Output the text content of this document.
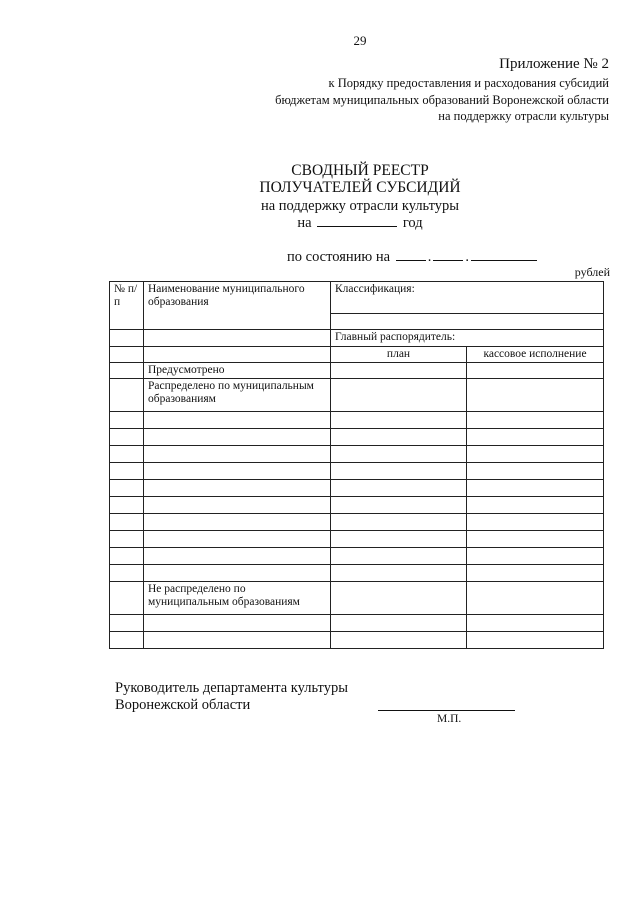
29
Приложение № 2
к Порядку предоставления и расходования субсидий
бюджетам муниципальных образований Воронежской области
на поддержку отрасли культуры
СВОДНЫЙ РЕЕСТР
ПОЛУЧАТЕЛЕЙ СУБСИДИЙ
на поддержку отрасли культуры
на	год
по состоянию на	. .
рублей
№ п/п	Наименование муниципального образования	Классификация:	

		Главный распорядитель:	
		план	кассовое исполнение
	Предусмотрено		
	Распределено по муниципальным образованиям		

	Не распределено по муниципальным образованиям		

Руководитель департамента культуры
Воронежской области
М.П.
